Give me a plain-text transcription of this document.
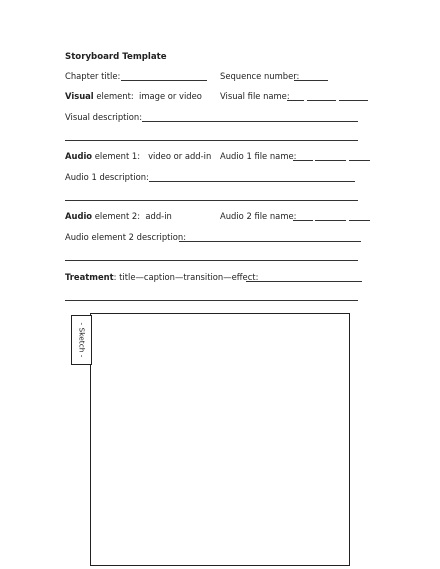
Storyboard Template
Chapter title:	Sequence number:
Visual element:  image or video Visual file name:
Visual description:
Audio element 1:   video or add-in Audio 1 file name:
Audio 1 description:
Audio element 2:  add-in	Audio 2 file name:
Audio element 2 description:
Treatment: title—caption—transition—effect:
- Sketch -
